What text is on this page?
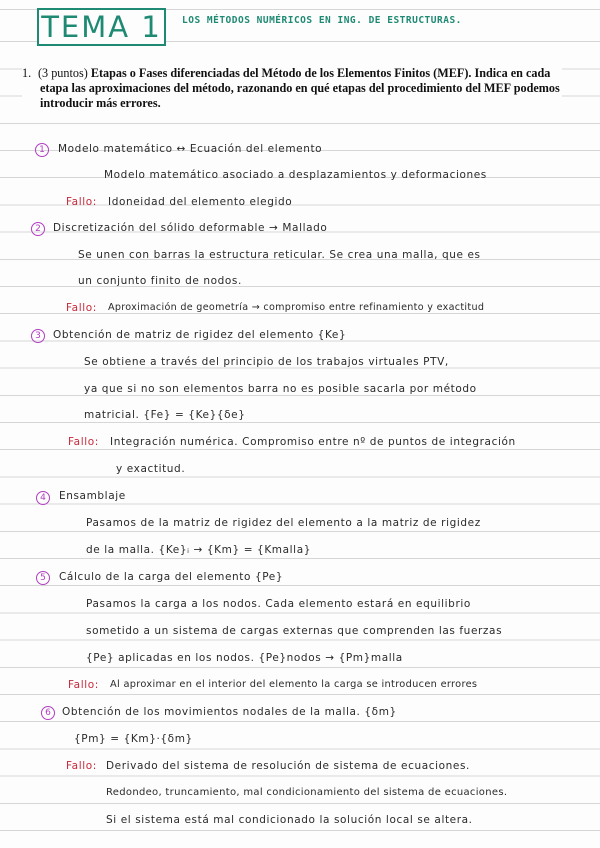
TEMA 1	LOS MÉTODOS NUMÉRICOS EN ING. DE ESTRUCTURAS.
1. (3 puntos) Etapas o Fases diferenciadas del Método de los Elementos Finitos (MEF). Indica en cada
etapa las aproximaciones del método, razonando en qué etapas del procedimiento del MEF podemos
introducir más errores.
1	Modelo matemático ↔ Ecuación del elemento
Modelo matemático asociado a desplazamientos y deformaciones
Fallo: Idoneidad del elemento elegido
2	Discretización del sólido deformable → Mallado
Se unen con barras la estructura reticular. Se crea una malla, que es
un conjunto finito de nodos.
Fallo: Aproximación de geometría → compromiso entre refinamiento y exactitud
3	Obtención de matriz de rigidez del elemento {Ke}
Se obtiene a través del principio de los trabajos virtuales PTV,
ya que si no son elementos barra no es posible sacarla por método
matricial. {Fe} = {Ke}{δe}
Fallo: Integración numérica. Compromiso entre nº de puntos de integración
y exactitud.
4	Ensamblaje
Pasamos de la matriz de rigidez del elemento a la matriz de rigidez
de la malla. {Ke}ᵢ → {Km} = {Kmalla}
5	Cálculo de la carga del elemento {Pe}
Pasamos la carga a los nodos. Cada elemento estará en equilibrio
sometido a un sistema de cargas externas que comprenden las fuerzas
{Pe} aplicadas en los nodos. {Pe}nodos → {Pm}malla
Fallo: Al aproximar en el interior del elemento la carga se introducen errores
6	Obtención de los movimientos nodales de la malla. {δm}
{Pm} = {Km}·{δm}
Fallo: Derivado del sistema de resolución de sistema de ecuaciones.
Redondeo, truncamiento, mal condicionamiento del sistema de ecuaciones.
Si el sistema está mal condicionado la solución local se altera.
